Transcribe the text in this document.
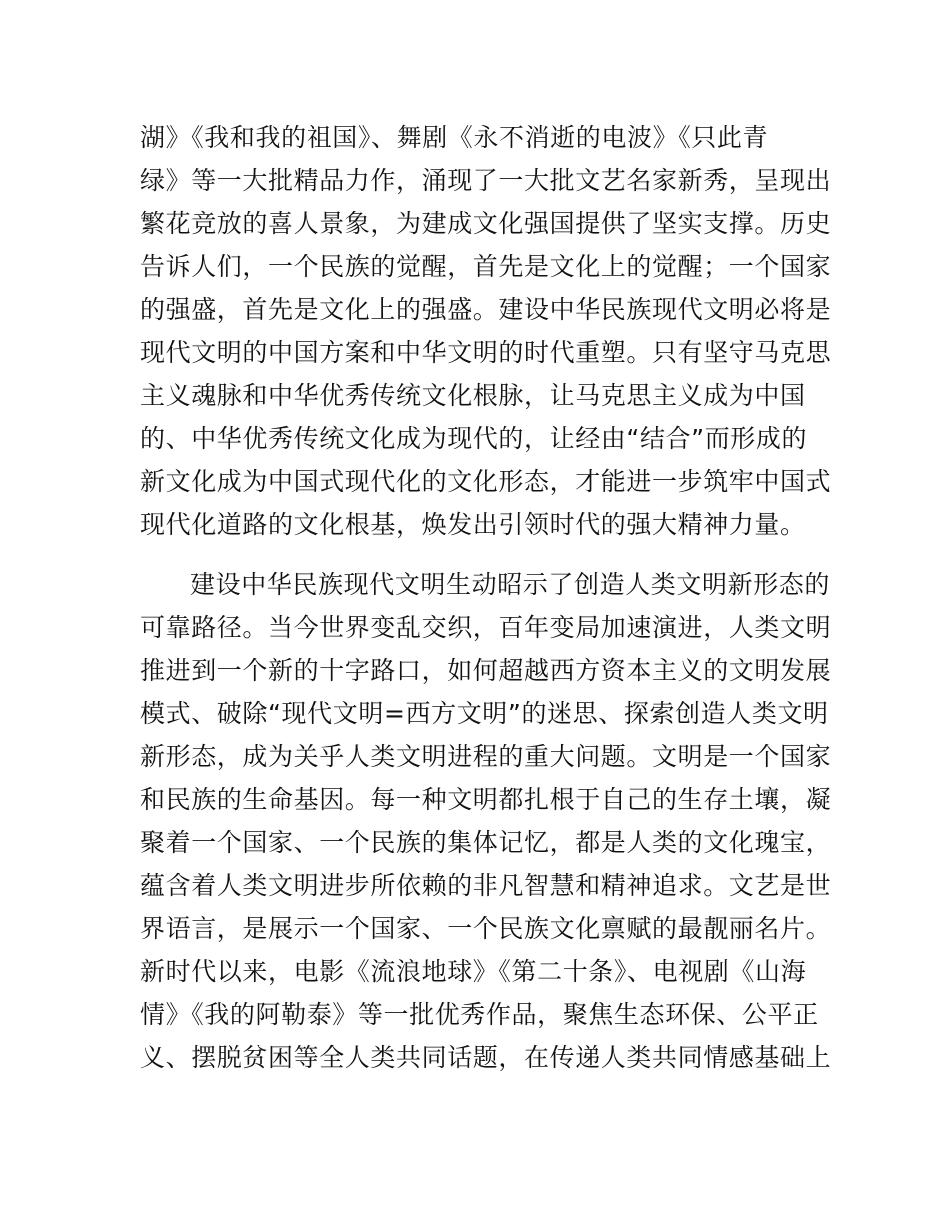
湖》《我和我的祖国》、舞剧《永不消逝的电波》《只此青
绿》等一大批精品力作，涌现了一大批文艺名家新秀，呈现出
繁花竞放的喜人景象，为建成文化强国提供了坚实支撑。历史
告诉人们，一个民族的觉醒，首先是文化上的觉醒；一个国家
的强盛，首先是文化上的强盛。建设中华民族现代文明必将是
现代文明的中国方案和中华文明的时代重塑。只有坚守马克思
主义魂脉和中华优秀传统文化根脉，让马克思主义成为中国
的、中华优秀传统文化成为现代的，让经由“结合”而形成的
新文化成为中国式现代化的文化形态，才能进一步筑牢中国式
现代化道路的文化根基，焕发出引领时代的强大精神力量。
建设中华民族现代文明生动昭示了创造人类文明新形态的
可靠路径。当今世界变乱交织，百年变局加速演进，人类文明
推进到一个新的十字路口，如何超越西方资本主义的文明发展
模式、破除“现代文明=西方文明”的迷思、探索创造人类文明
新形态，成为关乎人类文明进程的重大问题。文明是一个国家
和民族的生命基因。每一种文明都扎根于自己的生存土壤，凝
聚着一个国家、一个民族的集体记忆，都是人类的文化瑰宝，
蕴含着人类文明进步所依赖的非凡智慧和精神追求。文艺是世
界语言，是展示一个国家、一个民族文化禀赋的最靓丽名片。
新时代以来，电影《流浪地球》《第二十条》、电视剧《山海
情》《我的阿勒泰》等一批优秀作品，聚焦生态环保、公平正
义、摆脱贫困等全人类共同话题，在传递人类共同情感基础上
